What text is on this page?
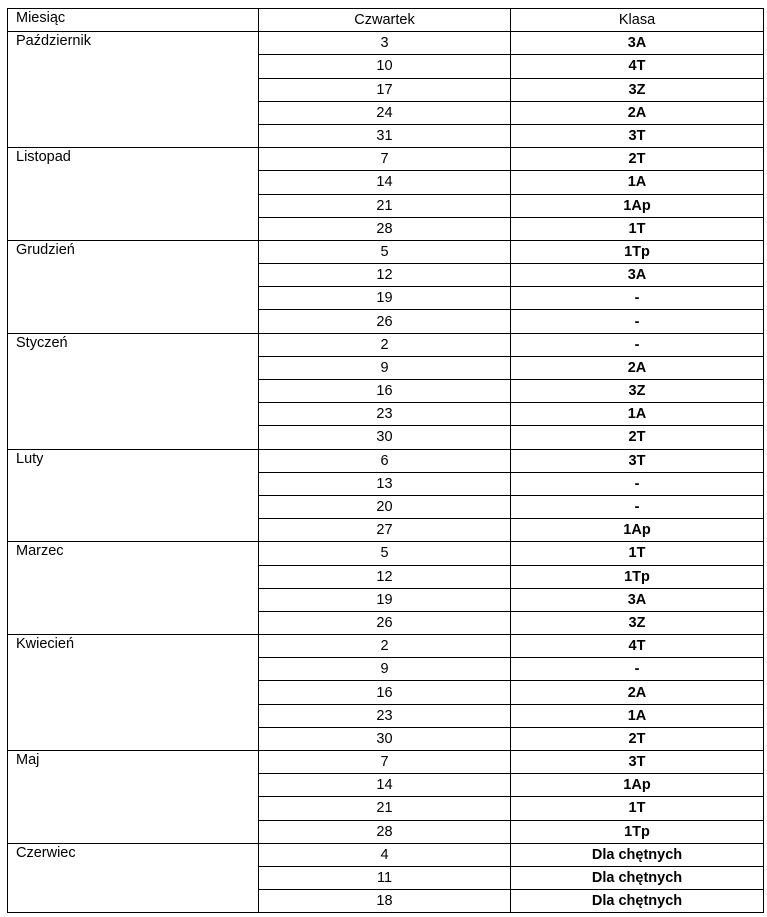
Miesiąc	Czwartek	Klasa
Październik	3	3A
	10	4T
	17	3Z
	24	2A
	31	3T
Listopad	7	2T
	14	1A
	21	1Ap
	28	1T
Grudzień	5	1Tp
	12	3A
	19	-
	26	-
Styczeń	2	-
	9	2A
	16	3Z
	23	1A
	30	2T
Luty	6	3T
	13	-
	20	-
	27	1Ap
Marzec	5	1T
	12	1Tp
	19	3A
	26	3Z
Kwiecień	2	4T
	9	-
	16	2A
	23	1A
	30	2T
Maj	7	3T
	14	1Ap
	21	1T
	28	1Tp
Czerwiec	4	Dla chętnych
	11	Dla chętnych
	18	Dla chętnych
